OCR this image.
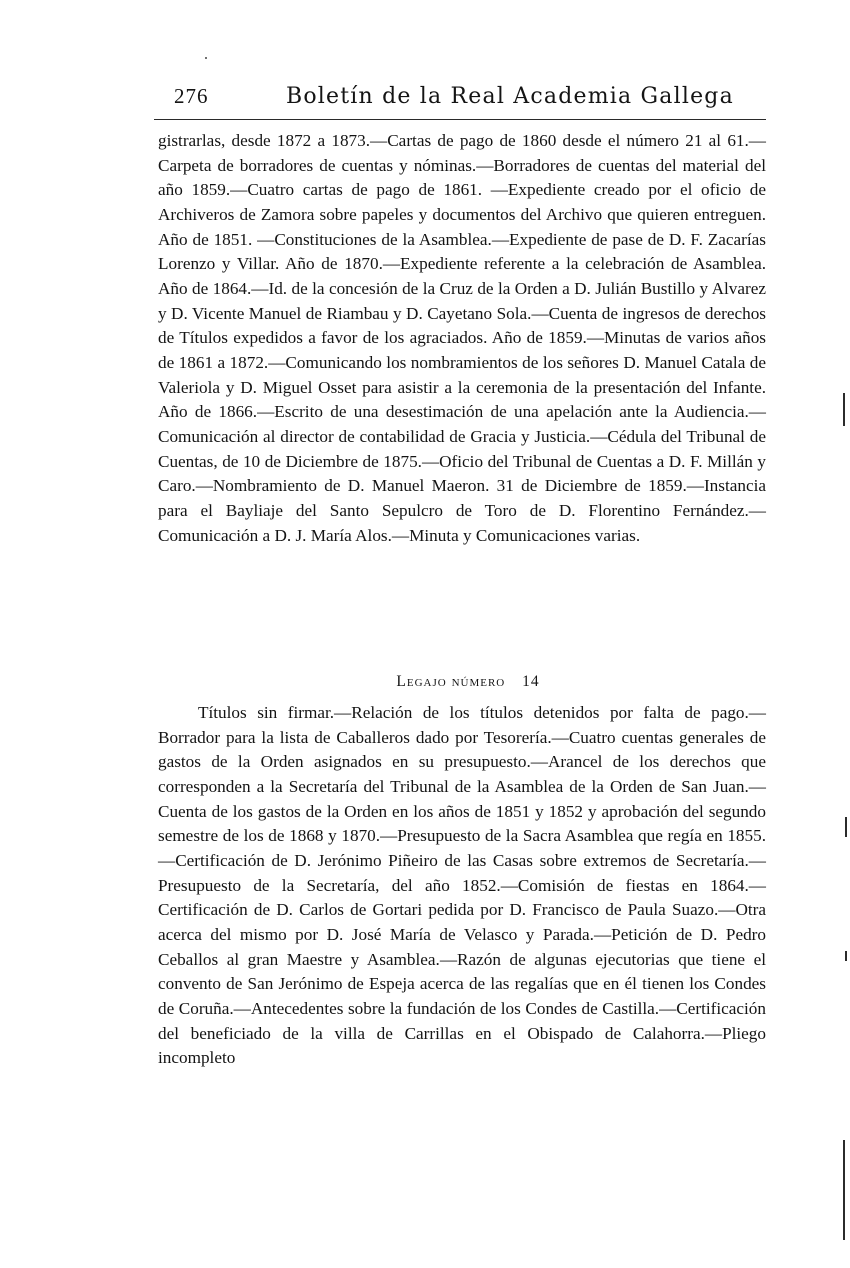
276	Boletín de la Real Academia Gallega

gistrarlas, desde 1872 a 1873.—Cartas de pago de 1860 desde el número 21 al 61.—Carpeta de borradores de cuentas y nóminas.—Borradores de cuentas del material del año 1859.—Cuatro cartas de pago de 1861. —Expediente creado por el oficio de Archiveros de Zamora sobre papeles y documentos del Archivo que quieren entreguen. Año de 1851. —Constituciones de la Asamblea.—Expediente de pase de D. F. Zacarías Lorenzo y Villar. Año de 1870.—Expediente referente a la celebración de Asamblea. Año de 1864.—Id. de la concesión de la Cruz de la Orden a D. Julián Bustillo y Alvarez y D. Vicente Manuel de Riambau y D. Cayetano Sola.—Cuenta de ingresos de derechos de Títulos expedidos a favor de los agraciados. Año de 1859.—Minutas de varios años de 1861 a 1872.—Comunicando los nombramientos de los señores D. Manuel Catala de Valeriola y D. Miguel Osset para asistir a la ceremonia de la presentación del Infante. Año de 1866.—Escrito de una desestimación de una apelación ante la Audiencia.—Comunicación al director de contabilidad de Gracia y Justicia.—Cédula del Tribunal de Cuentas, de 10 de Diciembre de 1875.—Oficio del Tribunal de Cuentas a D. F. Millán y Caro.—Nombramiento de D. Manuel Maeron. 31 de Diciembre de 1859.—Instancia para el Bayliaje del Santo Sepulcro de Toro de D. Florentino Fernández.—Comunicación a D. J. María Alos.—Minuta y Comunicaciones varias.

Legajo número 14

Títulos sin firmar.—Relación de los títulos detenidos por falta de pago.—Borrador para la lista de Caballeros dado por Tesorería.—Cuatro cuentas generales de gastos de la Orden asignados en su presupuesto.—Arancel de los derechos que corresponden a la Secretaría del Tribunal de la Asamblea de la Orden de San Juan.—Cuenta de los gastos de la Orden en los años de 1851 y 1852 y aprobación del segundo semestre de los de 1868 y 1870.—Presupuesto de la Sacra Asamblea que regía en 1855.—Certificación de D. Jerónimo Piñeiro de las Casas sobre extremos de Secretaría.—Presupuesto de la Secretaría, del año 1852.—Comisión de fiestas en 1864.—Certificación de D. Carlos de Gortari pedida por D. Francisco de Paula Suazo.—Otra acerca del mismo por D. José María de Velasco y Parada.—Petición de D. Pedro Ceballos al gran Maestre y Asamblea.—Razón de algunas ejecutorias que tiene el convento de San Jerónimo de Espeja acerca de las regalías que en él tienen los Condes de Coruña.—Antecedentes sobre la fundación de los Condes de Castilla.—Certificación del beneficiado de la villa de Carrillas en el Obispado de Calahorra.—Pliego incompleto
